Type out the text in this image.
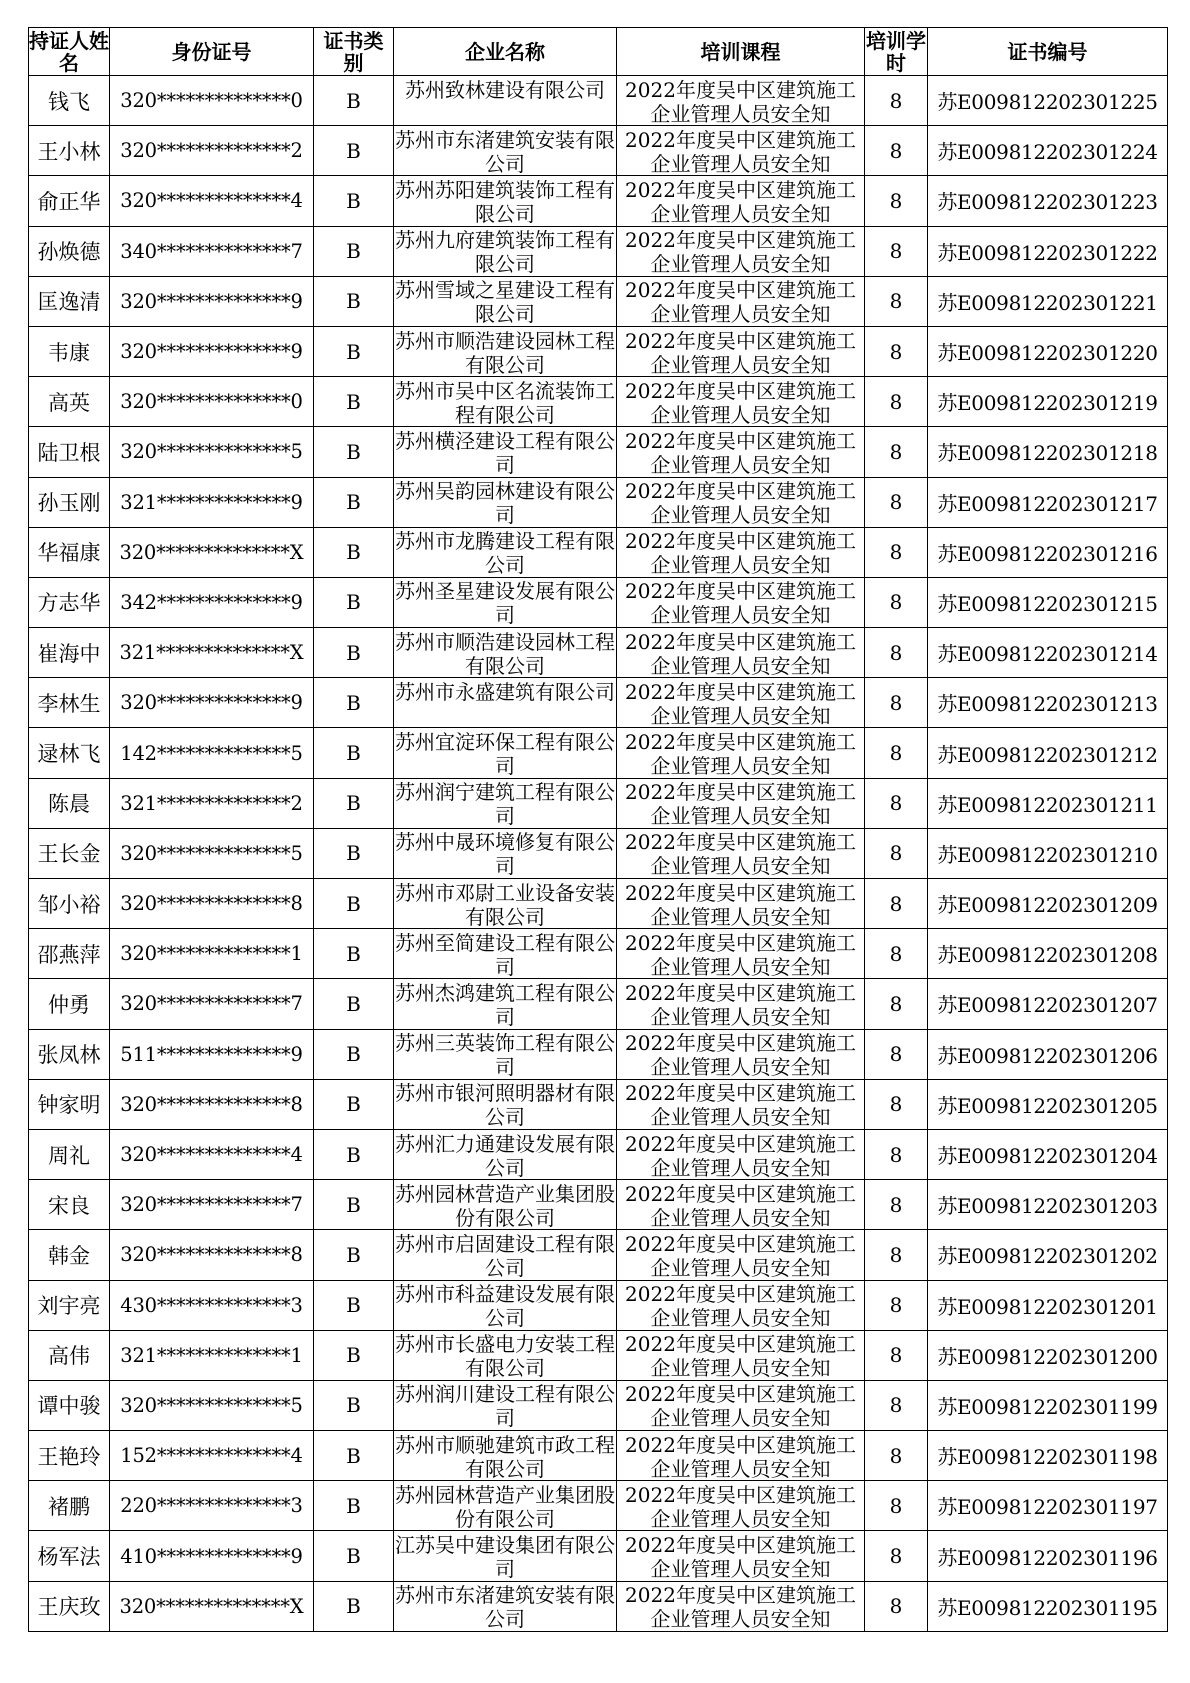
持证人姓名	身份证号	证书类别	企业名称	培训课程	培训学时	证书编号
钱飞	320**************0	B	苏州致林建设有限公司	2022年度吴中区建筑施工企业管理人员安全知	8	苏E009812202301225
王小林	320**************2	B	苏州市东渚建筑安装有限公司	2022年度吴中区建筑施工企业管理人员安全知	8	苏E009812202301224
俞正华	320**************4	B	苏州苏阳建筑装饰工程有限公司	2022年度吴中区建筑施工企业管理人员安全知	8	苏E009812202301223
孙焕德	340**************7	B	苏州九府建筑装饰工程有限公司	2022年度吴中区建筑施工企业管理人员安全知	8	苏E009812202301222
匡逸清	320**************9	B	苏州雪域之星建设工程有限公司	2022年度吴中区建筑施工企业管理人员安全知	8	苏E009812202301221
韦康	320**************9	B	苏州市顺浩建设园林工程有限公司	2022年度吴中区建筑施工企业管理人员安全知	8	苏E009812202301220
高英	320**************0	B	苏州市吴中区名流装饰工程有限公司	2022年度吴中区建筑施工企业管理人员安全知	8	苏E009812202301219
陆卫根	320**************5	B	苏州横泾建设工程有限公司	2022年度吴中区建筑施工企业管理人员安全知	8	苏E009812202301218
孙玉刚	321**************9	B	苏州吴韵园林建设有限公司	2022年度吴中区建筑施工企业管理人员安全知	8	苏E009812202301217
华福康	320**************X	B	苏州市龙腾建设工程有限公司	2022年度吴中区建筑施工企业管理人员安全知	8	苏E009812202301216
方志华	342**************9	B	苏州圣星建设发展有限公司	2022年度吴中区建筑施工企业管理人员安全知	8	苏E009812202301215
崔海中	321**************X	B	苏州市顺浩建设园林工程有限公司	2022年度吴中区建筑施工企业管理人员安全知	8	苏E009812202301214
李林生	320**************9	B	苏州市永盛建筑有限公司	2022年度吴中区建筑施工企业管理人员安全知	8	苏E009812202301213
逯林飞	142**************5	B	苏州宜淀环保工程有限公司	2022年度吴中区建筑施工企业管理人员安全知	8	苏E009812202301212
陈晨	321**************2	B	苏州润宁建筑工程有限公司	2022年度吴中区建筑施工企业管理人员安全知	8	苏E009812202301211
王长金	320**************5	B	苏州中晟环境修复有限公司	2022年度吴中区建筑施工企业管理人员安全知	8	苏E009812202301210
邹小裕	320**************8	B	苏州市邓尉工业设备安装有限公司	2022年度吴中区建筑施工企业管理人员安全知	8	苏E009812202301209
邵燕萍	320**************1	B	苏州至简建设工程有限公司	2022年度吴中区建筑施工企业管理人员安全知	8	苏E009812202301208
仲勇	320**************7	B	苏州杰鸿建筑工程有限公司	2022年度吴中区建筑施工企业管理人员安全知	8	苏E009812202301207
张凤林	511**************9	B	苏州三英装饰工程有限公司	2022年度吴中区建筑施工企业管理人员安全知	8	苏E009812202301206
钟家明	320**************8	B	苏州市银河照明器材有限公司	2022年度吴中区建筑施工企业管理人员安全知	8	苏E009812202301205
周礼	320**************4	B	苏州汇力通建设发展有限公司	2022年度吴中区建筑施工企业管理人员安全知	8	苏E009812202301204
宋良	320**************7	B	苏州园林营造产业集团股份有限公司	2022年度吴中区建筑施工企业管理人员安全知	8	苏E009812202301203
韩金	320**************8	B	苏州市启固建设工程有限公司	2022年度吴中区建筑施工企业管理人员安全知	8	苏E009812202301202
刘宇亮	430**************3	B	苏州市科益建设发展有限公司	2022年度吴中区建筑施工企业管理人员安全知	8	苏E009812202301201
高伟	321**************1	B	苏州市长盛电力安装工程有限公司	2022年度吴中区建筑施工企业管理人员安全知	8	苏E009812202301200
谭中骏	320**************5	B	苏州润川建设工程有限公司	2022年度吴中区建筑施工企业管理人员安全知	8	苏E009812202301199
王艳玲	152**************4	B	苏州市顺驰建筑市政工程有限公司	2022年度吴中区建筑施工企业管理人员安全知	8	苏E009812202301198
褚鹏	220**************3	B	苏州园林营造产业集团股份有限公司	2022年度吴中区建筑施工企业管理人员安全知	8	苏E009812202301197
杨军法	410**************9	B	江苏吴中建设集团有限公司	2022年度吴中区建筑施工企业管理人员安全知	8	苏E009812202301196
王庆玫	320**************X	B	苏州市东渚建筑安装有限公司	2022年度吴中区建筑施工企业管理人员安全知	8	苏E009812202301195
